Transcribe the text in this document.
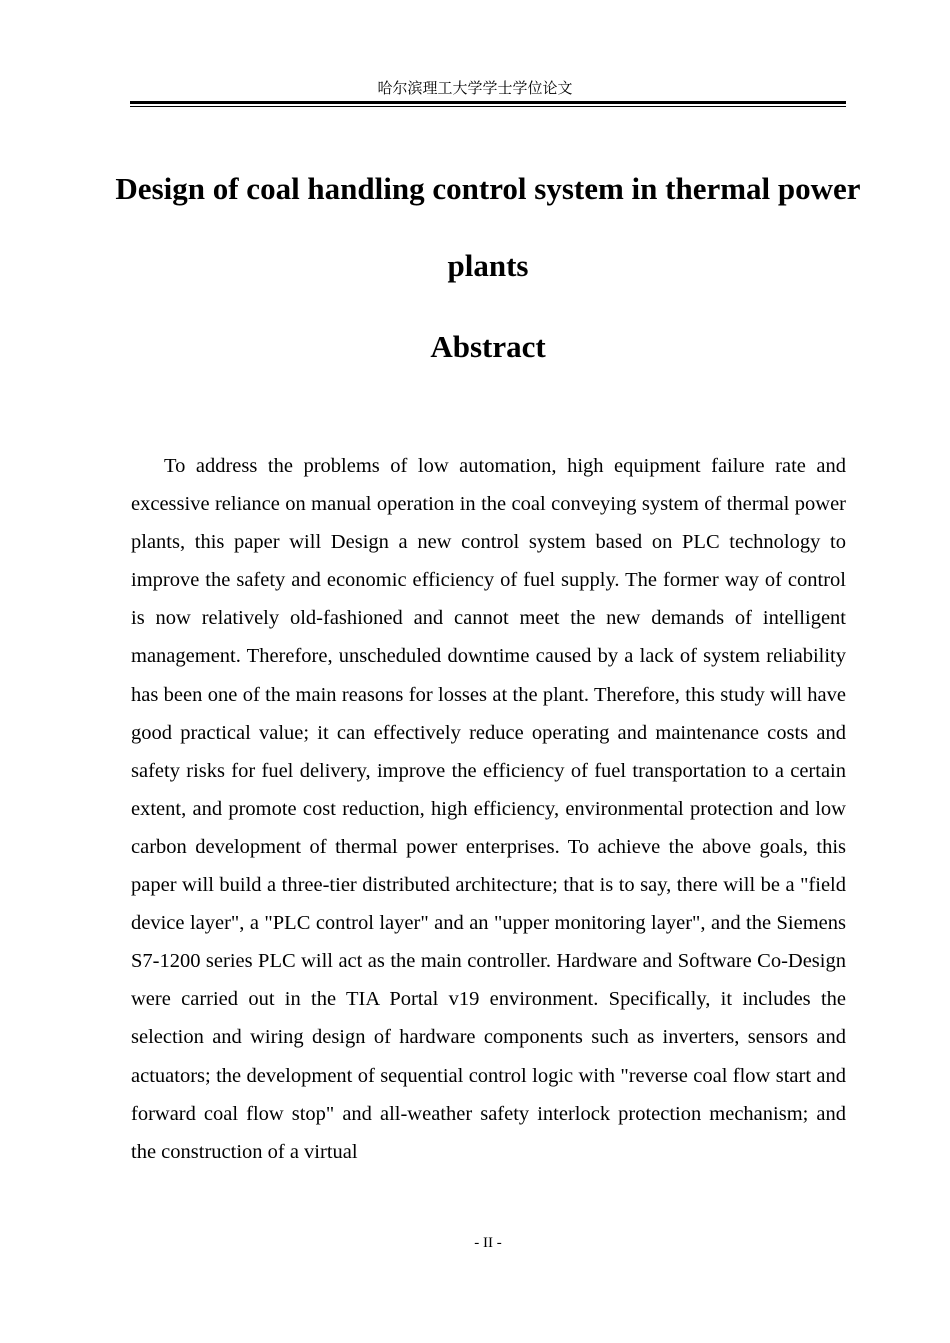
哈尔滨理工大学学士学位论文
Design of coal handling control system in thermal power plants
Abstract

To address the problems of low automation, high equipment failure rate and excessive reliance on manual operation in the coal conveying system of thermal power plants, this paper will Design a new control system based on PLC technology to improve the safety and economic efficiency of fuel supply. The former way of control is now relatively old-fashioned and cannot meet the new demands of intelligent management. Therefore, unscheduled downtime caused by a lack of system reliability has been one of the main reasons for losses at the plant. Therefore, this study will have good practical value; it can effectively reduce operating and maintenance costs and safety risks for fuel delivery, improve the efficiency of fuel transportation to a certain extent, and promote cost reduction, high efficiency, environmental protection and low carbon development of thermal power enterprises. To achieve the above goals, this paper will build a three-tier distributed architecture; that is to say, there will be a "field device layer", a "PLC control layer" and an "upper monitoring layer", and the Siemens S7-1200 series PLC will act as the main controller. Hardware and Software Co-Design were carried out in the TIA Portal v19 environment. Specifically, it includes the selection and wiring design of hardware components such as inverters, sensors and actuators; the development of sequential control logic with "reverse coal flow start and forward coal flow stop" and all-weather safety interlock protection mechanism; and the construction of a virtual

- II -
